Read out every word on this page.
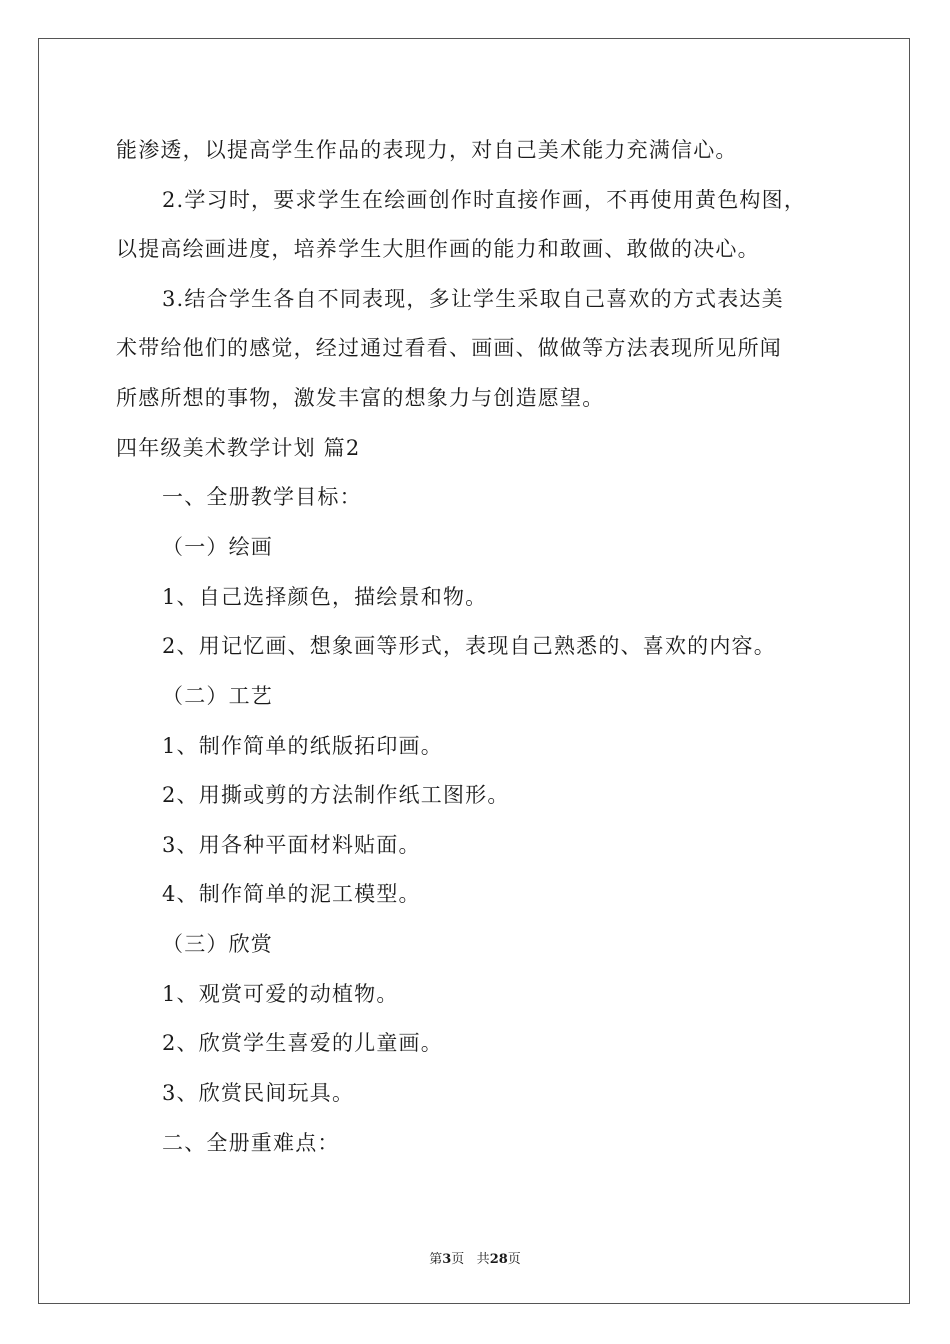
能渗透，以提高学生作品的表现力，对自己美术能力充满信心。
2.学习时，要求学生在绘画创作时直接作画，不再使用黄色构图，
以提高绘画进度，培养学生大胆作画的能力和敢画、敢做的决心。
3.结合学生各自不同表现，多让学生采取自己喜欢的方式表达美
术带给他们的感觉，经过通过看看、画画、做做等方法表现所见所闻
所感所想的事物，激发丰富的想象力与创造愿望。
四年级美术教学计划 篇2
一、全册教学目标：
（一）绘画
1、自己选择颜色，描绘景和物。
2、用记忆画、想象画等形式，表现自己熟悉的、喜欢的内容。
（二）工艺
1、制作简单的纸版拓印画。
2、用撕或剪的方法制作纸工图形。
3、用各种平面材料贴面。
4、制作简单的泥工模型。
（三）欣赏
1、观赏可爱的动植物。
2、欣赏学生喜爱的儿童画。
3、欣赏民间玩具。
二、全册重难点：
第3页 共28页
